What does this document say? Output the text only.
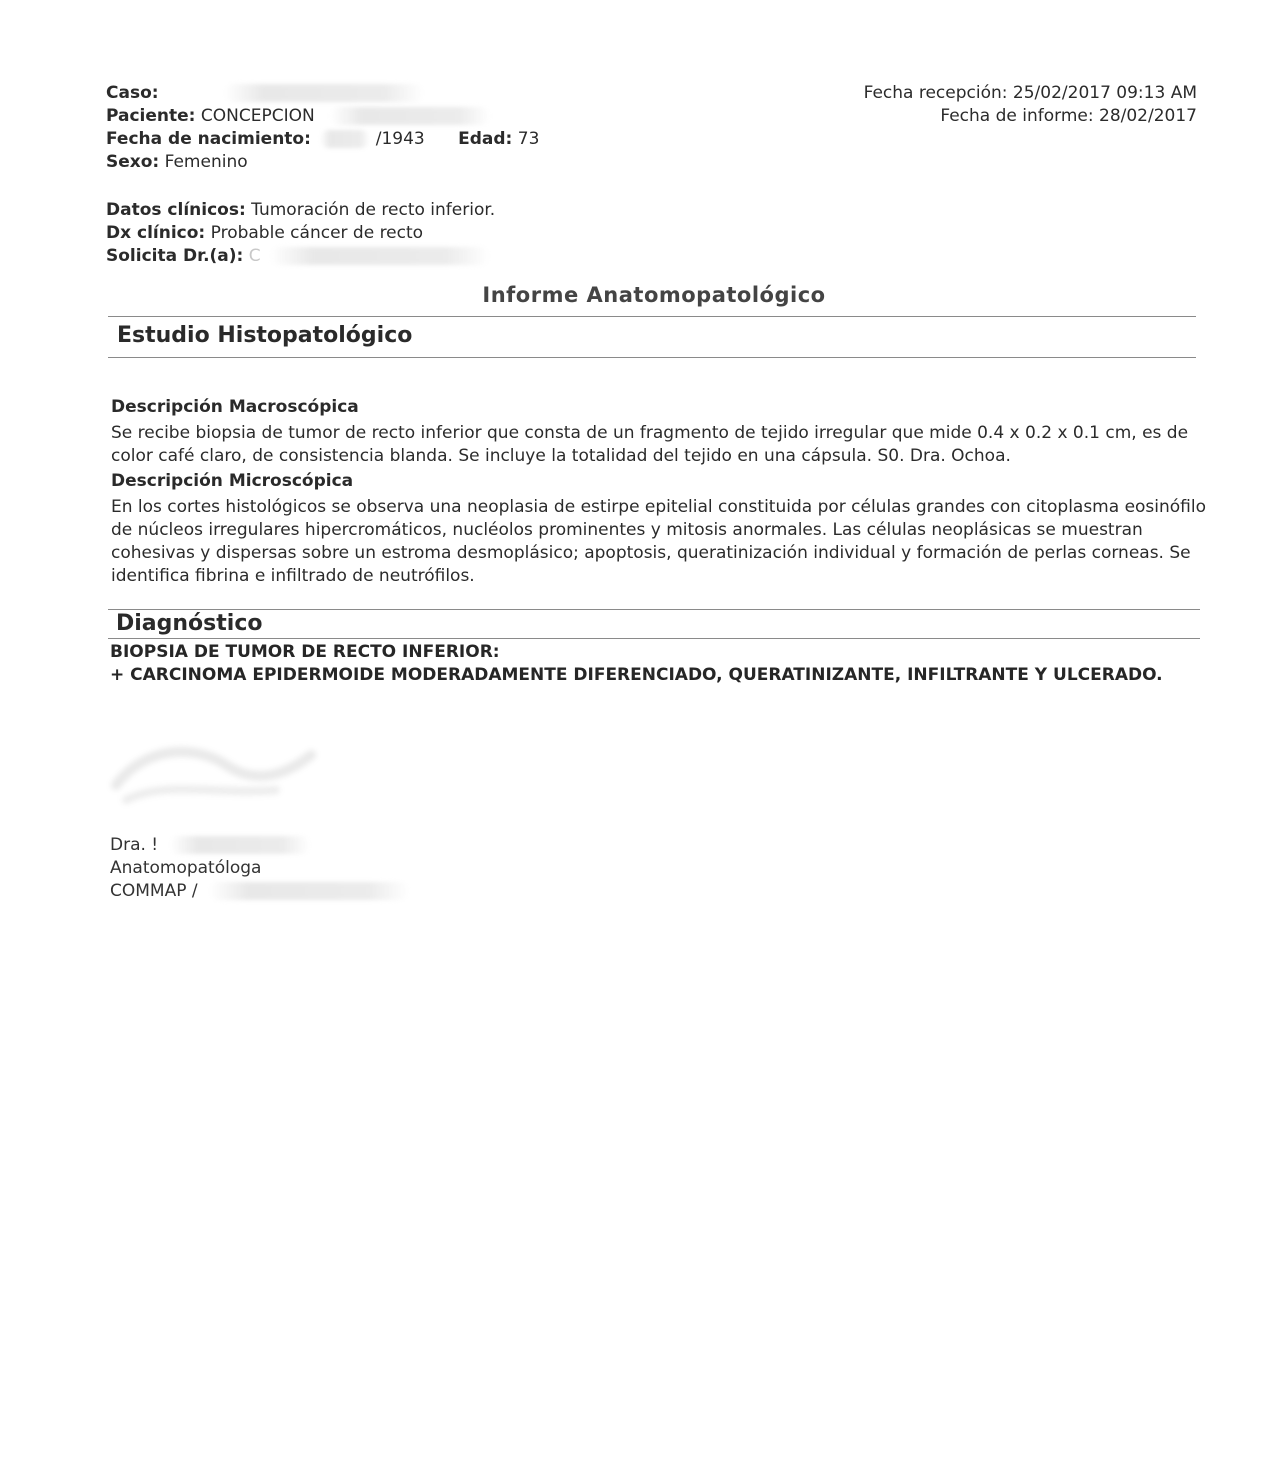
Caso:
Paciente: CONCEPCION
Fecha de nacimiento:	/1943 Edad: 73
Sexo: Femenino
Fecha recepción: 25/02/2017 09:13 AM
Fecha de informe: 28/02/2017
Datos clínicos: Tumoración de recto inferior.
Dx clínico: Probable cáncer de recto
Solicita Dr.(a): C
Informe Anatomopatológico
Estudio Histopatológico
Descripción Macroscópica
Se recibe biopsia de tumor de recto inferior que consta de un fragmento de tejido irregular que mide 0.4 x 0.2 x 0.1 cm, es de color café claro, de consistencia blanda. Se incluye la totalidad del tejido en una cápsula. S0. Dra. Ochoa.
Descripción Microscópica
En los cortes histológicos se observa una neoplasia de estirpe epitelial constituida por células grandes con citoplasma eosinófilo de núcleos irregulares hipercromáticos, nucléolos prominentes y mitosis anormales. Las células neoplásicas se muestran cohesivas y dispersas sobre un estroma desmoplásico; apoptosis, queratinización individual y formación de perlas corneas. Se identifica fibrina e infiltrado de neutrófilos.
Diagnóstico
BIOPSIA DE TUMOR DE RECTO INFERIOR:
+ CARCINOMA EPIDERMOIDE MODERADAMENTE DIFERENCIADO, QUERATINIZANTE, INFILTRANTE Y ULCERADO.
Dra. !
Anatomopatóloga
COMMAP /
